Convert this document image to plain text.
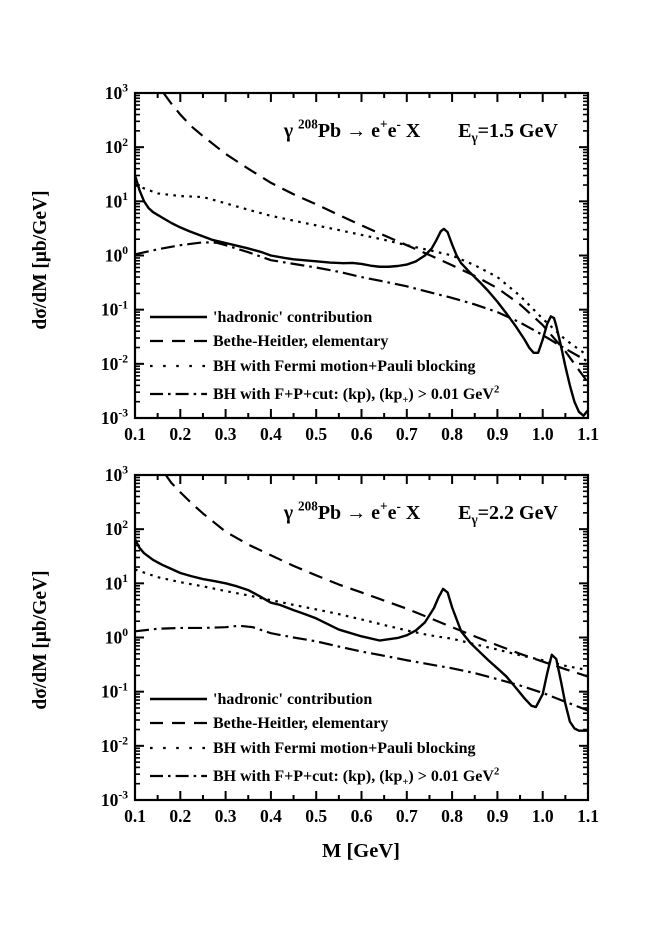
dσ/dM [μb/GeV]
dσ/dM [μb/GeV]
M [GeV]
0.1 0.2 0.3 0.4 0.5 0.6 0.7 0.8 0.9 1.0 1.1
$10^3$
$10^2$
$10^1$
$10^0$
$10^{-1}$
$10^{-2}$
$10^{-3}$
γ $^{208}$Pb → e+e- X $E_\gamma=1.5$ GeV
'hadronic' contribution
Bethe-Heitler, elementary
BH with Fermi motion+Pauli blocking
BH with F+P+cut: (kp), $(kp_+) > 0.01$ GeV$^2$
0.1 0.2 0.3 0.4 0.5 0.6 0.7 0.8 0.9 1.0 1.1
$10^3$
$10^2$
$10^1$
$10^0$
$10^{-1}$
$10^{-2}$
$10^{-3}$
γ $^{208}$Pb → e+e- X $E_\gamma=2.2$ GeV
'hadronic' contribution
Bethe-Heitler, elementary
BH with Fermi motion+Pauli blocking
BH with F+P+cut: (kp), $(kp_+) > 0.01$ GeV$^2$
